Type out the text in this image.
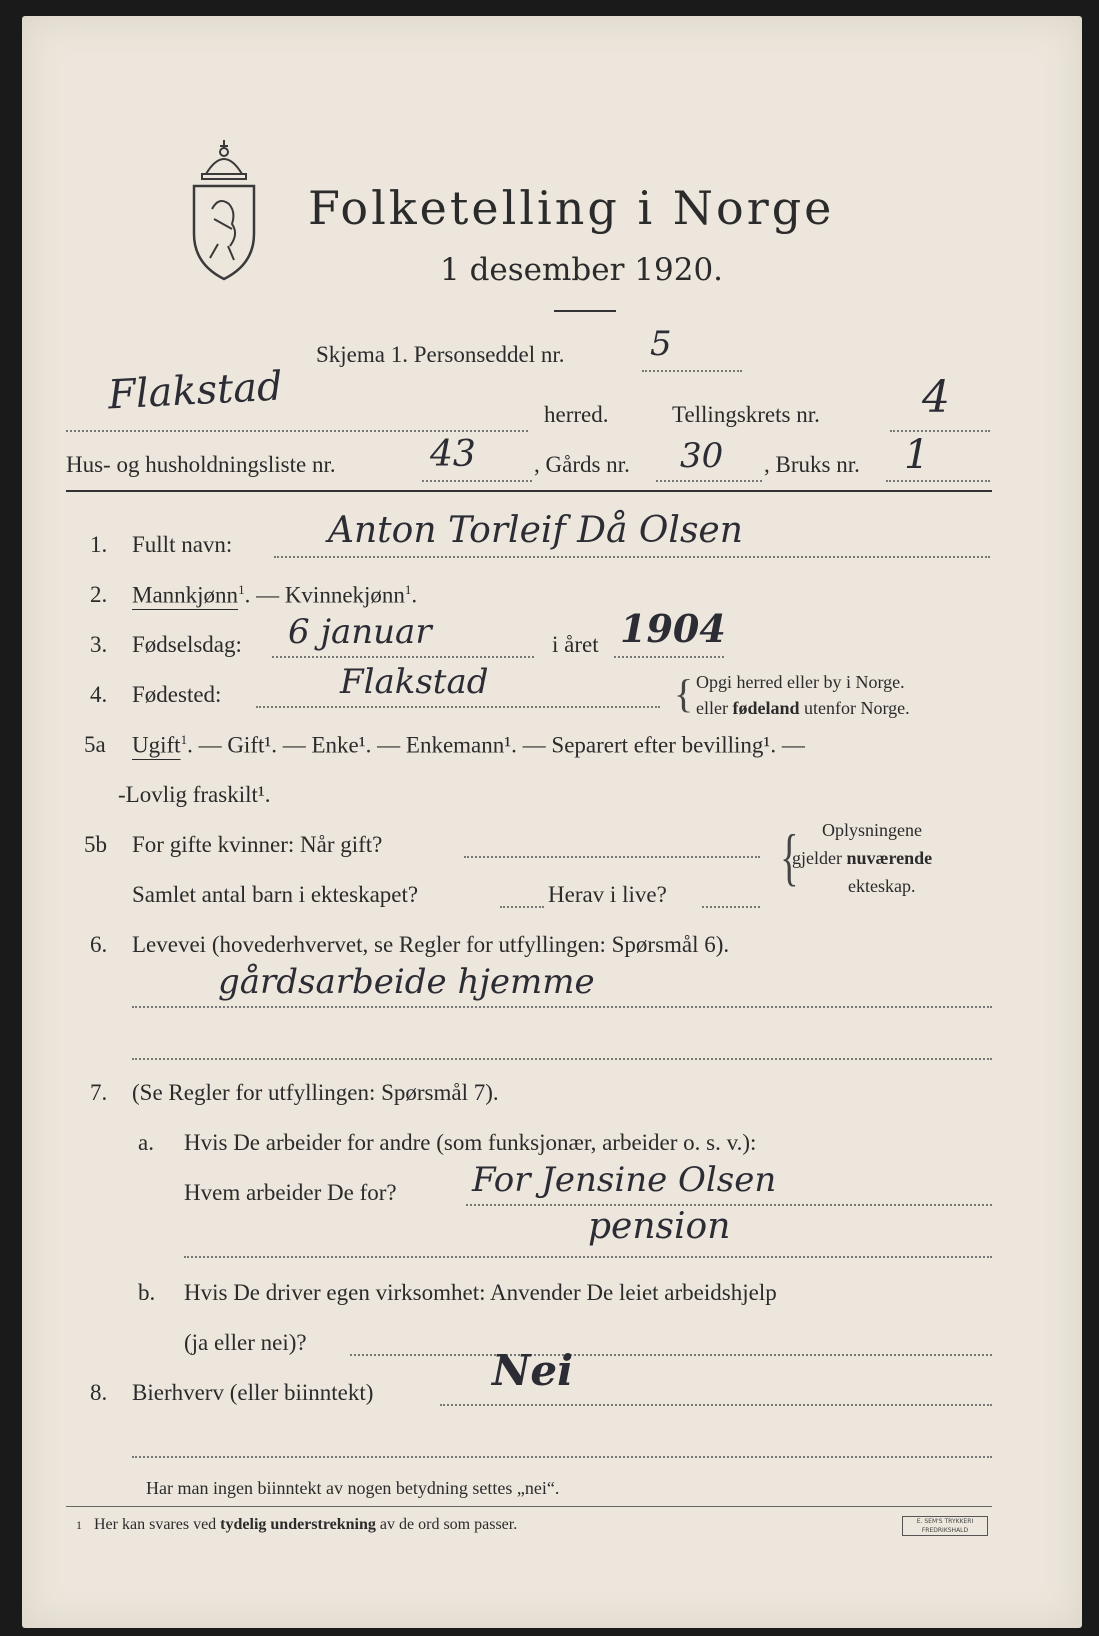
Folketelling i Norge
1 desember 1920.
Skjema 1. Personseddel nr.	5
Flakstad	herred.	Tellingskrets nr. 4
Hus- og husholdningsliste nr.	43	, Gårds nr. 30 , Bruks nr. 1
1. Fullt navn:	Anton Torleif Då Olsen
2. Mannkjønn$^1$. — Kvinnekjønn$^1$.
3. Fødselsdag: 6 januar	i året 1904
4. Fødested:	Flakstad	{ Opgi herred eller by i Norge.
eller fødeland utenfor Norge.
5a Ugift$^1$. — Gift¹. — Enke¹. — Enkemann¹. — Separert efter bevilling¹. —
-Lovlig fraskilt¹.
5b For gifte kvinner: Når gift?
Samlet antal barn i ekteskapet?	Herav i live?
{ Oplysningene
gjelder nuværende
ekteskap.
6. Levevei (hovederhvervet, se Regler for utfyllingen: Spørsmål 6).
gårdsarbeide hjemme
7. (Se Regler for utfyllingen: Spørsmål 7).
a. Hvis De arbeider for andre (som funksjonær, arbeider o. s. v.):
Hvem arbeider De for? For Jensine Olsen
pension
b. Hvis De driver egen virksomhet: Anvender De leiet arbeidshjelp
(ja eller nei)?
8. Bierhverv (eller biinntekt)	Nei
Har man ingen biinntekt av nogen betydning settes „nei“.
1 Her kan svares ved tydelig understrekning av de ord som passer.	E. SEM'S TRYKKERI FREDRIKSHALD
